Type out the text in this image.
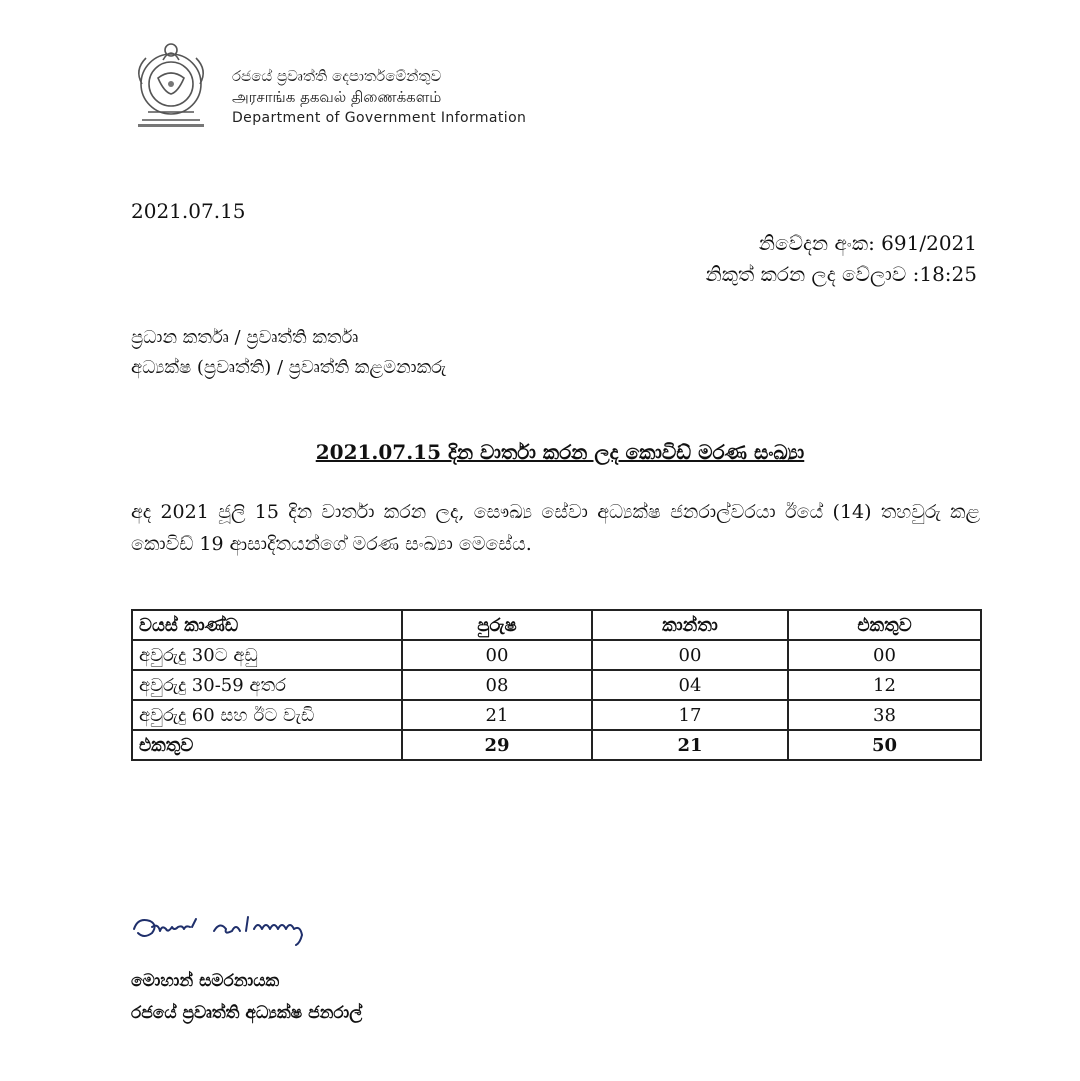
රජයේ ප්‍රවෘත්ති දෙපාර්තමේන්තුව
அரசாங்க தகவல் திணைக்களம்
Department of Government Information
2021.07.15
නිවේදන අංක: 691/2021
නිකුත් කරන ලද වේලාව :18:25
ප්‍රධාන කර්තෘ / ප්‍රවෘත්ති කර්තෘ
අධ්‍යක්ෂ (ප්‍රවෘත්ති) / ප්‍රවෘත්ති කළමනාකරු
2021.07.15 දින වාර්තා කරන ලද කොවිඩ් මරණ සංඛ්‍යා
අද 2021 ජූලි 15 දින වාර්තා කරන ලද, සෞඛ්‍ය සේවා අධ්‍යක්ෂ ජනරාල්වරයා ඊයේ (14) තහවුරු කළ කොවිඩ් 19 ආසාදිතයන්ගේ මරණ සංඛ්‍යා මෙසේය.
වයස් කාණ්ඩ	පුරුෂ	කාන්තා	එකතුව
අවුරුදු 30ට අඩු	00	00	00
අවුරුදු 30-59 අතර	08	04	12
අවුරුදු 60 සහ ඊට වැඩි	21	17	38
එකතුව	29	21	50
මොහාන් සමරනායක
රජයේ ප්‍රවෘත්ති අධ්‍යක්ෂ ජනරාල්
